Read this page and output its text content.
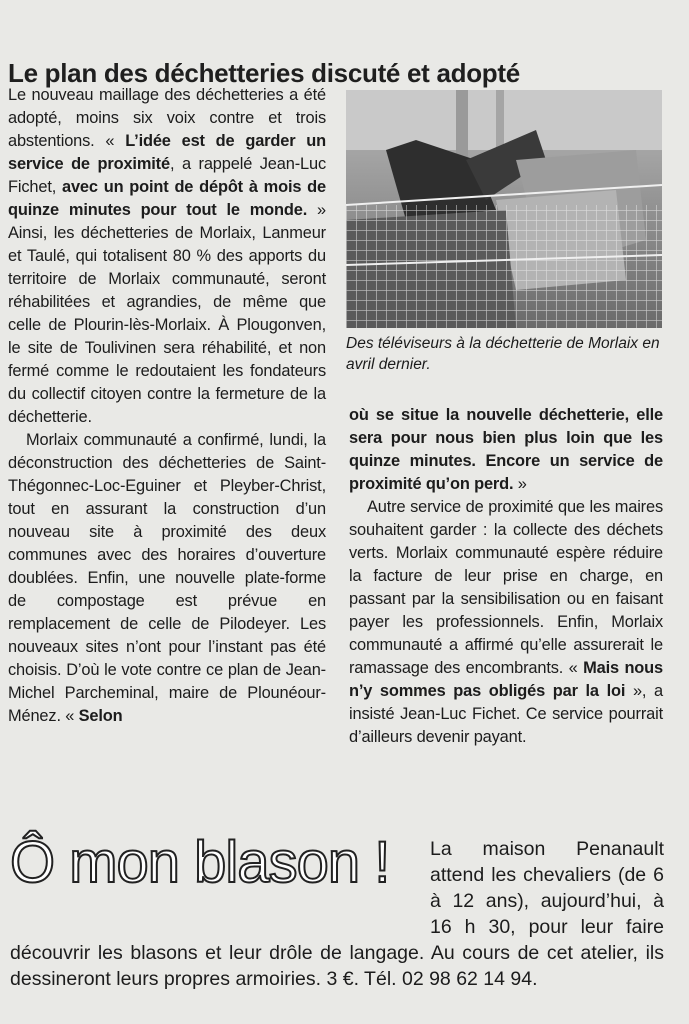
Le plan des déchetteries discuté et adopté

Le nouveau maillage des déchetteries a été adopté, moins six voix contre et trois abstentions. « L’idée est de garder un service de proximité, a rappelé Jean-Luc Fichet, avec un point de dépôt à mois de quinze minutes pour tout le monde. » Ainsi, les déchetteries de Morlaix, Lanmeur et Taulé, qui totalisent 80 % des apports du territoire de Morlaix communauté, seront réhabilitées et agrandies, de même que celle de Plourin-lès-Morlaix. À Plougonven, le site de Toulivinen sera réhabilité, et non fermé comme le redoutaient les fondateurs du collectif citoyen contre la fermeture de la déchetterie.

Morlaix communauté a confirmé, lundi, la déconstruction des déchetteries de Saint-Thégonnec-Loc-Eguiner et Pleyber-Christ, tout en assurant la construction d’un nouveau site à proximité des deux communes avec des horaires d’ouverture doublées. Enfin, une nouvelle plate-forme de compostage est prévue en remplacement de celle de Pilodeyer. Les nouveaux sites n’ont pour l’instant pas été choisis. D’où le vote contre ce plan de Jean-Michel Parcheminal, maire de Plounéour-Ménez. « Selon

Des téléviseurs à la déchetterie de Morlaix en avril dernier.

où se situe la nouvelle déchetterie, elle sera pour nous bien plus loin que les quinze minutes. Encore un service de proximité qu’on perd. »

Autre service de proximité que les maires souhaitent garder : la collecte des déchets verts. Morlaix communauté espère réduire la facture de leur prise en charge, en passant par la sensibilisation ou en faisant payer les professionnels. Enfin, Morlaix communauté a affirmé qu’elle assurerait le ramassage des encombrants. « Mais nous n’y sommes pas obligés par la loi », a insisté Jean-Luc Fichet. Ce service pourrait d’ailleurs devenir payant.

La maison Penanault attend les chevaliers (de 6 à 12 ans), aujourd’hui, à 16 h 30, pour leur faire découvrir les blasons et leur drôle de langage. Au cours de cet atelier, ils dessineront leurs propres armoiries. 3 €. Tél. 02 98 62 14 94.
Ô mon blason !
